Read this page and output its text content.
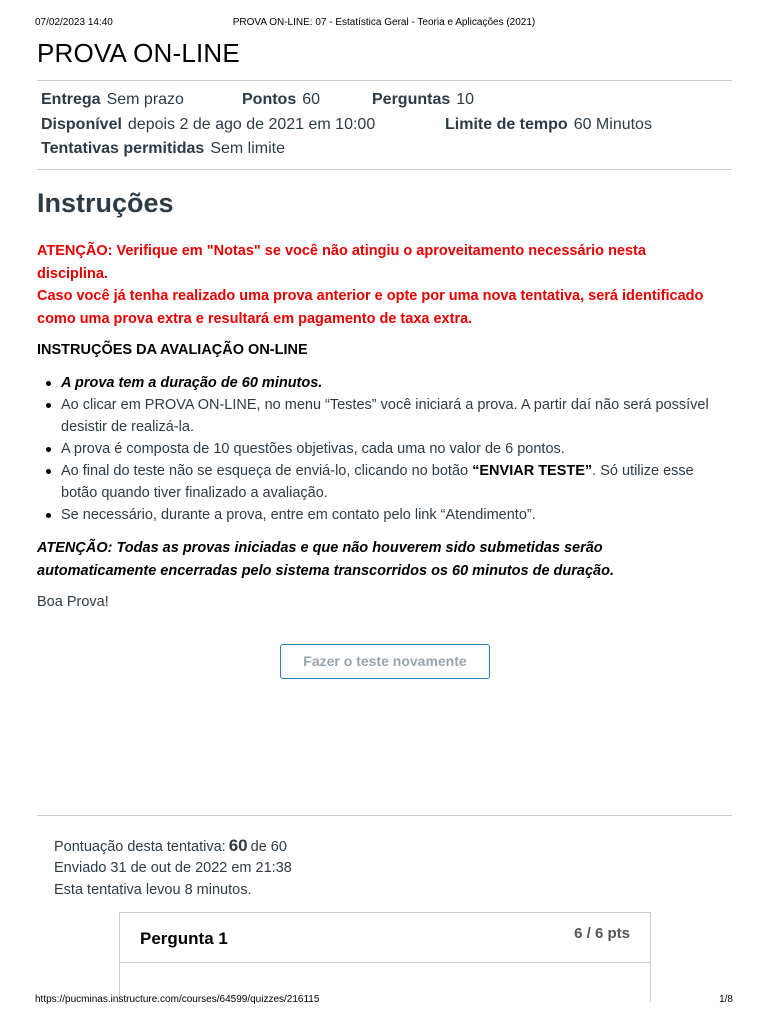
07/02/2023 14:40	PROVA ON-LINE: 07 - Estatística Geral - Teoria e Aplicações (2021)
PROVA ON-LINE
Entrega Sem prazo	Pontos 60	Perguntas 10
Disponível depois 2 de ago de 2021 em 10:00	Limite de tempo 60 Minutos
Tentativas permitidas Sem limite
Instruções

ATENÇÃO: Verifique em "Notas" se você não atingiu o aproveitamento necessário nesta disciplina.
Caso você já tenha realizado uma prova anterior e opte por uma nova tentativa, será identificado como uma prova extra e resultará em pagamento de taxa extra.

INSTRUÇÕES DA AVALIAÇÃO ON-LINE

A prova tem a duração de 60 minutos.
Ao clicar em PROVA ON-LINE, no menu “Testes” você iniciará a prova. A partir daí não será possível desistir de realizá-la.
A prova é composta de 10 questões objetivas, cada uma no valor de 6 pontos.
Ao final do teste não se esqueça de enviá-lo, clicando no botão “ENVIAR TESTE”. Só utilize esse botão quando tiver finalizado a avaliação.
Se necessário, durante a prova, entre em contato pelo link “Atendimento”.

ATENÇÃO: Todas as provas iniciadas e que não houverem sido submetidas serão automaticamente encerradas pelo sistema transcorridos os 60 minutos de duração.

Boa Prova!

Fazer o teste novamente
Pontuação desta tentativa: 60 de 60
Enviado 31 de out de 2022 em 21:38
Esta tentativa levou 8 minutos.
Pergunta 1	6 / 6 pts
https://pucminas.instructure.com/courses/64599/quizzes/216115	1/8
